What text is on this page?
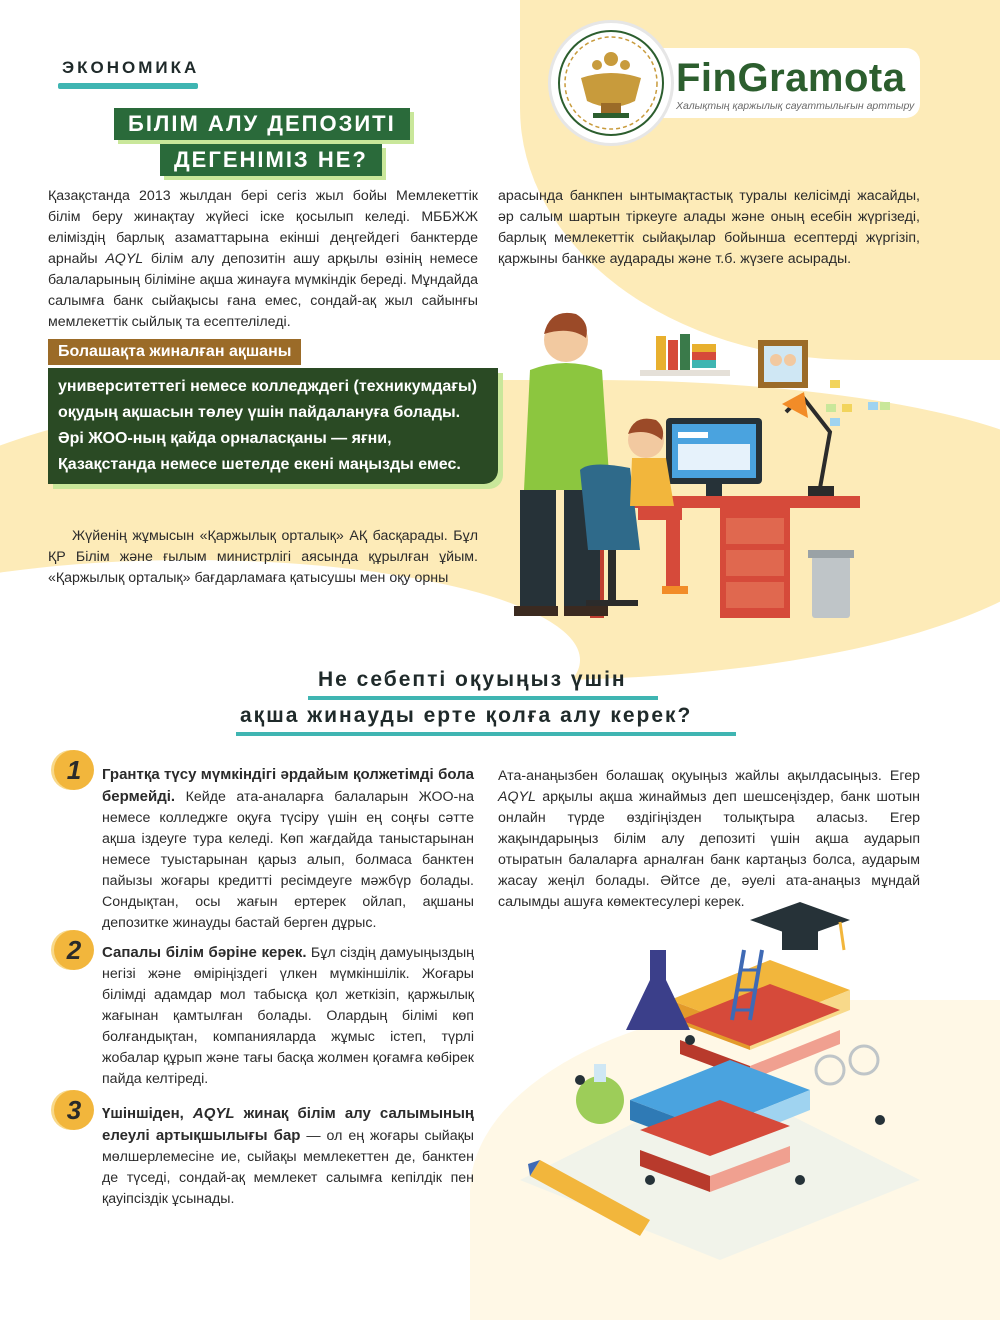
ЭКОНОМИКА
БІЛІМ АЛУ ДЕПОЗИТІ
ДЕГЕНІМІЗ НЕ?
FinGramota
Халықтың қаржылық сауаттылығын арттыру
Қазақстанда 2013 жылдан бері сегіз жыл бойы Мемлекеттік білім беру жинақтау жүйесі іске қосылып келеді. МББЖЖ еліміздің барлық азаматтарына екінші деңгейдегі банктерде арнайы AQYL білім алу депозитін ашу арқылы өзінің немесе балаларының біліміне ақша жинауға мүмкіндік береді. Мұндайда салымға банк сыйақысы ғана емес, сондай-ақ жыл сайынғы мемлекеттік сыйлық та есептеліледі.
Болашақта жиналған ақшаны
университеттегі немесе колледждегі (техникумдағы) оқудың ақшасын төлеу үшін пайдалануға болады. Әрі ЖОО-ның қайда орналасқаны — яғни, Қазақстанда немесе шетелде екені маңызды емес.
Жүйенің жұмысын «Қаржылық орталық» АҚ басқарады. Бұл ҚР Білім және ғылым министрлігі аясында құрылған ұйым. «Қаржылық орталық» бағдарламаға қатысушы мен оқу орны
арасында банкпен ынтымақтастық туралы келісімді жасайды, әр салым шартын тіркеуге алады және оның есебін жүргізеді, барлық мемлекеттік сыйақылар бойынша есептерді жүргізіп, қаржыны банкке аударады және т.б. жүзеге асырады.
Не себепті оқуыңыз үшін
ақша жинауды ерте қолға алу керек?
1	Грантқа түсу мүмкіндігі әрдайым қолжетімді бола бермейді. Кейде ата-аналарға балаларын ЖОО-на немесе колледжге оқуға түсіру үшін ең соңғы сәтте ақша іздеуге тура келеді. Көп жағдайда таныстарынан немесе туыстарынан қарыз алып, болмаса банктен пайызы жоғары кредитті ресімдеуге мәжбүр болады. Сондықтан, осы жағын ертерек ойлап, ақшаны депозитке жинауды бастай берген дұрыс.
2	Сапалы білім бәріне керек. Бұл сіздің дамуыңыздың негізі және өміріңіздегі үлкен мүмкіншілік. Жоғары білімді адамдар мол табысқа қол жеткізіп, қаржылық жағынан қамтылған болады. Олардың білімі көп болғандықтан, компанияларда жұмыс істеп, түрлі жобалар құрып және тағы басқа жолмен қоғамға көбірек пайда келтіреді.
3	Үшіншіден, AQYL жинақ білім алу салымының елеулі артықшылығы бар — ол ең жоғары сыйақы мөлшерлемесіне ие, сыйақы мемлекеттен де, банктен де түседі, сондай-ақ мемлекет салымға кепілдік пен қауіпсіздік ұсынады.
Ата-анаңызбен болашақ оқуыңыз жайлы ақылдасыңыз. Егер AQYL арқылы ақша жинаймыз деп шешсеңіздер, банк шотын онлайн түрде өздігіңізден толықтыра аласыз. Егер жақындарыңыз білім алу депозиті үшін ақша аударып отыратын балаларға арналған банк картаңыз болса, аударым жасау жеңіл болады. Әйтсе де, әуелі ата-анаңыз мұндай салымды ашуға көмектесулері керек.
